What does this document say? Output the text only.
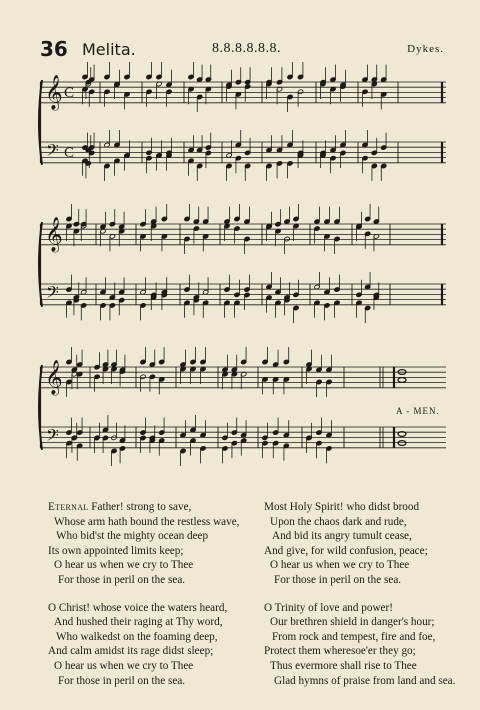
36 Melita.	8.8.8.8.8.8.	Dykes.
𝄞
𝄢
C
C
𝄞
𝄢
𝄞
𝄢
A - MEN.
Eternal Father! strong to save,
Whose arm hath bound the restless wave,
Who bid'st the mighty ocean deep
Its own appointed limits keep;
O hear us when we cry to Thee
For those in peril on the sea.
O Christ! whose voice the waters heard,
And hushed their raging at Thy word,
Who walkedst on the foaming deep,
And calm amidst its rage didst sleep;
O hear us when we cry to Thee
For those in peril on the sea.
Most Holy Spirit! who didst brood
Upon the chaos dark and rude,
And bid its angry tumult cease,
And give, for wild confusion, peace;
O hear us when we cry to Thee
For those in peril on the sea.
O Trinity of love and power!
Our brethren shield in danger's hour;
From rock and tempest, fire and foe,
Protect them wheresoe'er they go;
Thus evermore shall rise to Thee
Glad hymns of praise from land and sea.
